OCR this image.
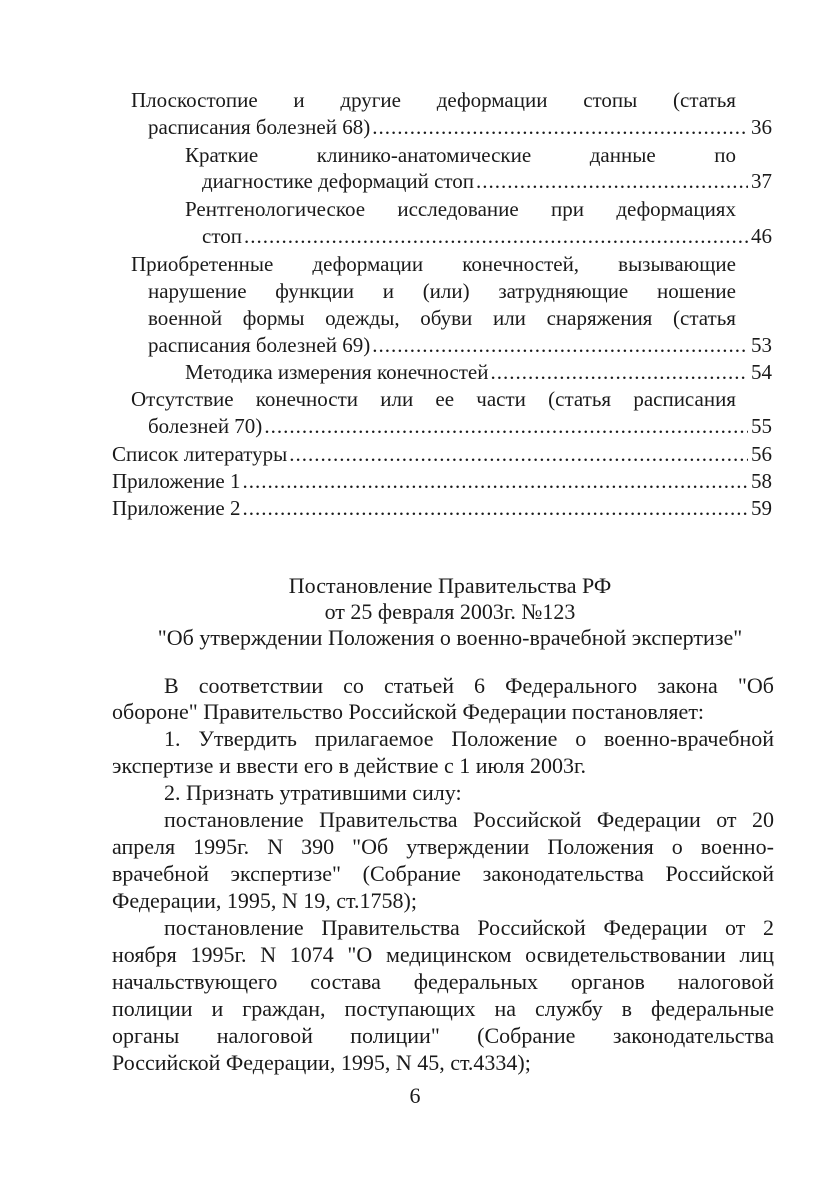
Плоскостопие и другие деформации стопы (статья
расписания болезней 68) .....	36
Краткие	клинико-анатомические	данные	по
диагностике деформаций стоп .....	37
Рентгенологическое исследование при деформациях
стоп .....	46
Приобретенные деформации конечностей, вызывающие
нарушение функции и (или) затрудняющие ношение
военной формы одежды, обуви или снаряжения (статья
расписания болезней 69) .....	53
Методика измерения конечностей .....	54
Отсутствие конечности или ее части (статья расписания
болезней 70) .....	55
Список литературы .....	56
Приложение 1 .....	58
Приложение 2 .....	59
Постановление Правительства РФ
от 25 февраля 2003г. №123
"Об утверждении Положения о военно-врачебной экспертизе"
В соответствии со статьей 6 Федерального закона "Об
обороне" Правительство Российской Федерации постановляет:
1. Утвердить прилагаемое Положение о военно-врачебной
экспертизе и ввести его в действие с 1 июля 2003г.
2. Признать утратившими силу:
постановление Правительства Российской Федерации от 20
апреля 1995г. N 390 "Об утверждении Положения о военно-
врачебной экспертизе" (Собрание законодательства Российской
Федерации, 1995, N 19, ст.1758);
постановление Правительства Российской Федерации от 2
ноября 1995г. N 1074 "О медицинском освидетельствовании лиц
начальствующего состава федеральных органов налоговой
полиции и граждан, поступающих на службу в федеральные
органы налоговой полиции" (Собрание законодательства
Российской Федерации, 1995, N 45, ст.4334);
6
